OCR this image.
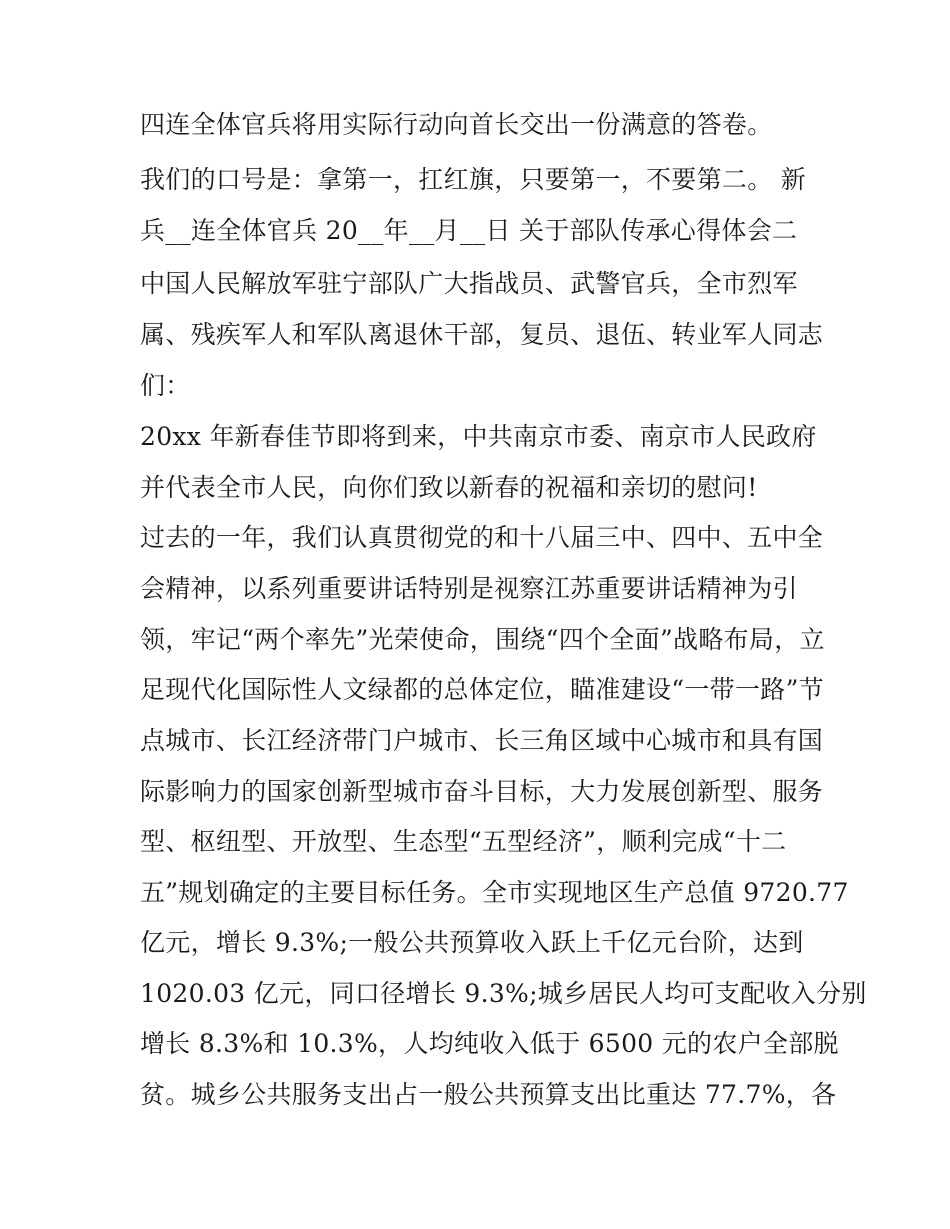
四连全体官兵将用实际行动向首长交出一份满意的答卷。
我们的口号是：拿第一，扛红旗，只要第一，不要第二。 新
兵__连全体官兵 20__年__月__日 关于部队传承心得体会二
中国人民解放军驻宁部队广大指战员、武警官兵，全市烈军
属、残疾军人和军队离退休干部，复员、退伍、转业军人同志
们：
20xx 年新春佳节即将到来，中共南京市委、南京市人民政府
并代表全市人民，向你们致以新春的祝福和亲切的慰问!
过去的一年，我们认真贯彻党的和十八届三中、四中、五中全
会精神，以系列重要讲话特别是视察江苏重要讲话精神为引
领，牢记“两个率先”光荣使命，围绕“四个全面”战略布局，立
足现代化国际性人文绿都的总体定位，瞄准建设“一带一路”节
点城市、长江经济带门户城市、长三角区域中心城市和具有国
际影响力的国家创新型城市奋斗目标，大力发展创新型、服务
型、枢纽型、开放型、生态型“五型经济”，顺利完成“十二
五”规划确定的主要目标任务。全市实现地区生产总值 9720.77
亿元，增长 9.3%;一般公共预算收入跃上千亿元台阶，达到
1020.03 亿元，同口径增长 9.3%;城乡居民人均可支配收入分别
增长 8.3%和 10.3%，人均纯收入低于 6500 元的农户全部脱
贫。城乡公共服务支出占一般公共预算支出比重达 77.7%，各
